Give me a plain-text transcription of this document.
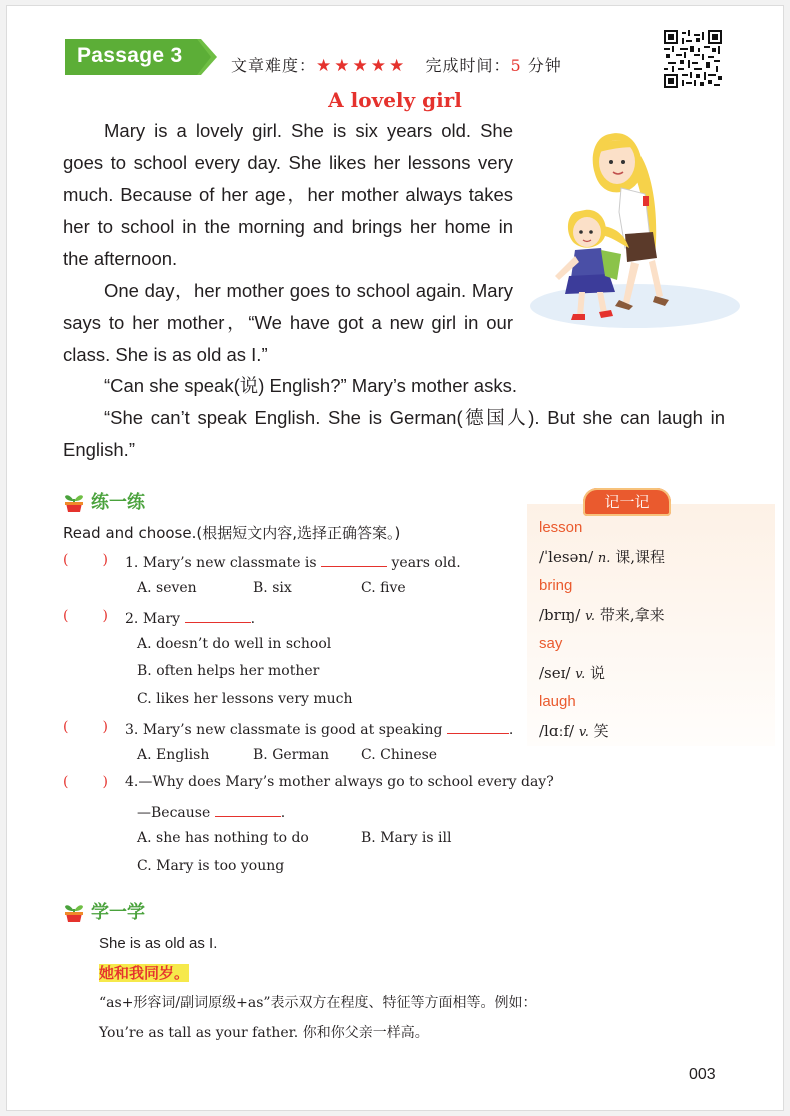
Passage 3	文章难度：★★★★★ 完成时间：5 分钟
A lovely girl

Mary is a lovely girl. She is six years old. She goes to school every day. She likes her lessons very much. Because of her age，her mother always takes her to school in the morning and brings her home in the afternoon.

One day，her mother goes to school again. Mary says to her mother，“We have got a new girl in our class. She is as old as I.”

“Can she speak(说) English?” Mary’s mother asks.

“She can’t speak English. She is German(德国人). But she can laugh in English.”

练一练
Read and choose.(根据短文内容,选择正确答案。)
( ) 1. Mary’s new classmate is	years old.
A. seven	B. six	C. five
( ) 2. Mary	.
A. doesn’t do well in school
B. often helps her mother
C. likes her lessons very much
( ) 3. Mary’s new classmate is good at speaking	.
A. English	B. German C. Chinese
( ) 4.—Why does Mary’s mother always go to school every day?
—Because	.
A. she has nothing to do	B. Mary is ill
C. Mary is too young
记一记
lesson
/ˈlesən/ n. 课,课程
bring
/brɪŋ/ v. 带来,拿来
say
/seɪ/ v. 说
laugh
/lɑːf/ v. 笑
学一学
She is as old as I.
她和我同岁。
“as+形容词/副词原级+as”表示双方在程度、特征等方面相等。例如：
You’re as tall as your father. 你和你父亲一样高。
003
